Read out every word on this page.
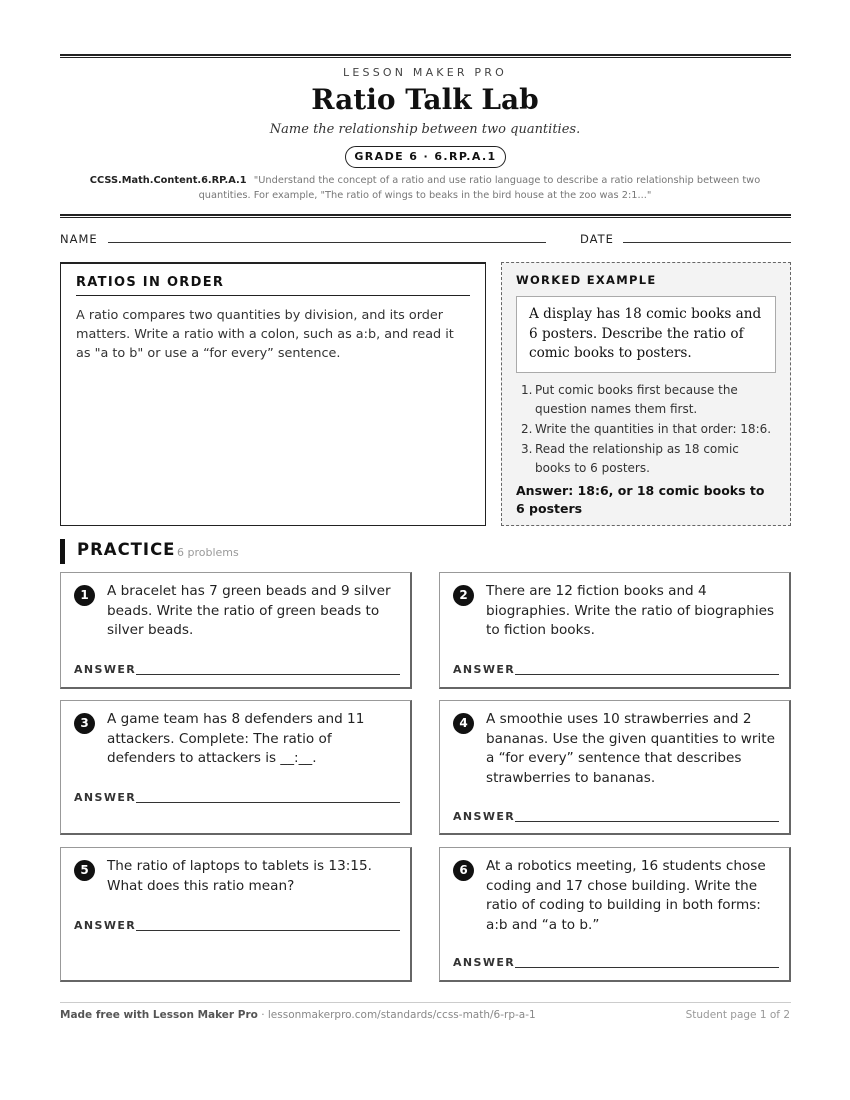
LESSON MAKER PRO
Ratio Talk Lab
Name the relationship between two quantities.
GRADE 6 · 6.RP.A.1
CCSS.Math.Content.6.RP.A.1 "Understand the concept of a ratio and use ratio language to describe a ratio relationship between two quantities. For example, "The ratio of wings to beaks in the bird house at the zoo was 2:1..."
NAME	DATE
RATIOS IN ORDER

A ratio compares two quantities by division, and its order matters. Write a ratio with a colon, such as a:b, and read it as "a to b" or use a “for every” sentence.

WORKED EXAMPLE
A display has 18 comic books and 6 posters. Describe the ratio of comic books to posters.
Put comic books first because the question names them first.
Write the quantities in that order: 18:6.
Read the relationship as 18 comic books to 6 posters.
Answer: 18:6, or 18 comic books to 6 posters
PRACTICE 6 problems
1	A bracelet has 7 green beads and 9 silver beads. Write the ratio of green beads to silver beads.
ANSWER
2	There are 12 fiction books and 4 biographies. Write the ratio of biographies to fiction books.
ANSWER
3	A game team has 8 defenders and 11 attackers. Complete: The ratio of defenders to attackers is __:__.
ANSWER
4	A smoothie uses 10 strawberries and 2 bananas. Use the given quantities to write a “for every” sentence that describes strawberries to bananas.
ANSWER
5	The ratio of laptops to tablets is 13:15. What does this ratio mean?
ANSWER
6	At a robotics meeting, 16 students chose coding and 17 chose building. Write the ratio of coding to building in both forms: a:b and “a to b.”
ANSWER
Made free with Lesson Maker Pro · lessonmakerpro.com/standards/ccss-math/6-rp-a-1	Student page 1 of 2
